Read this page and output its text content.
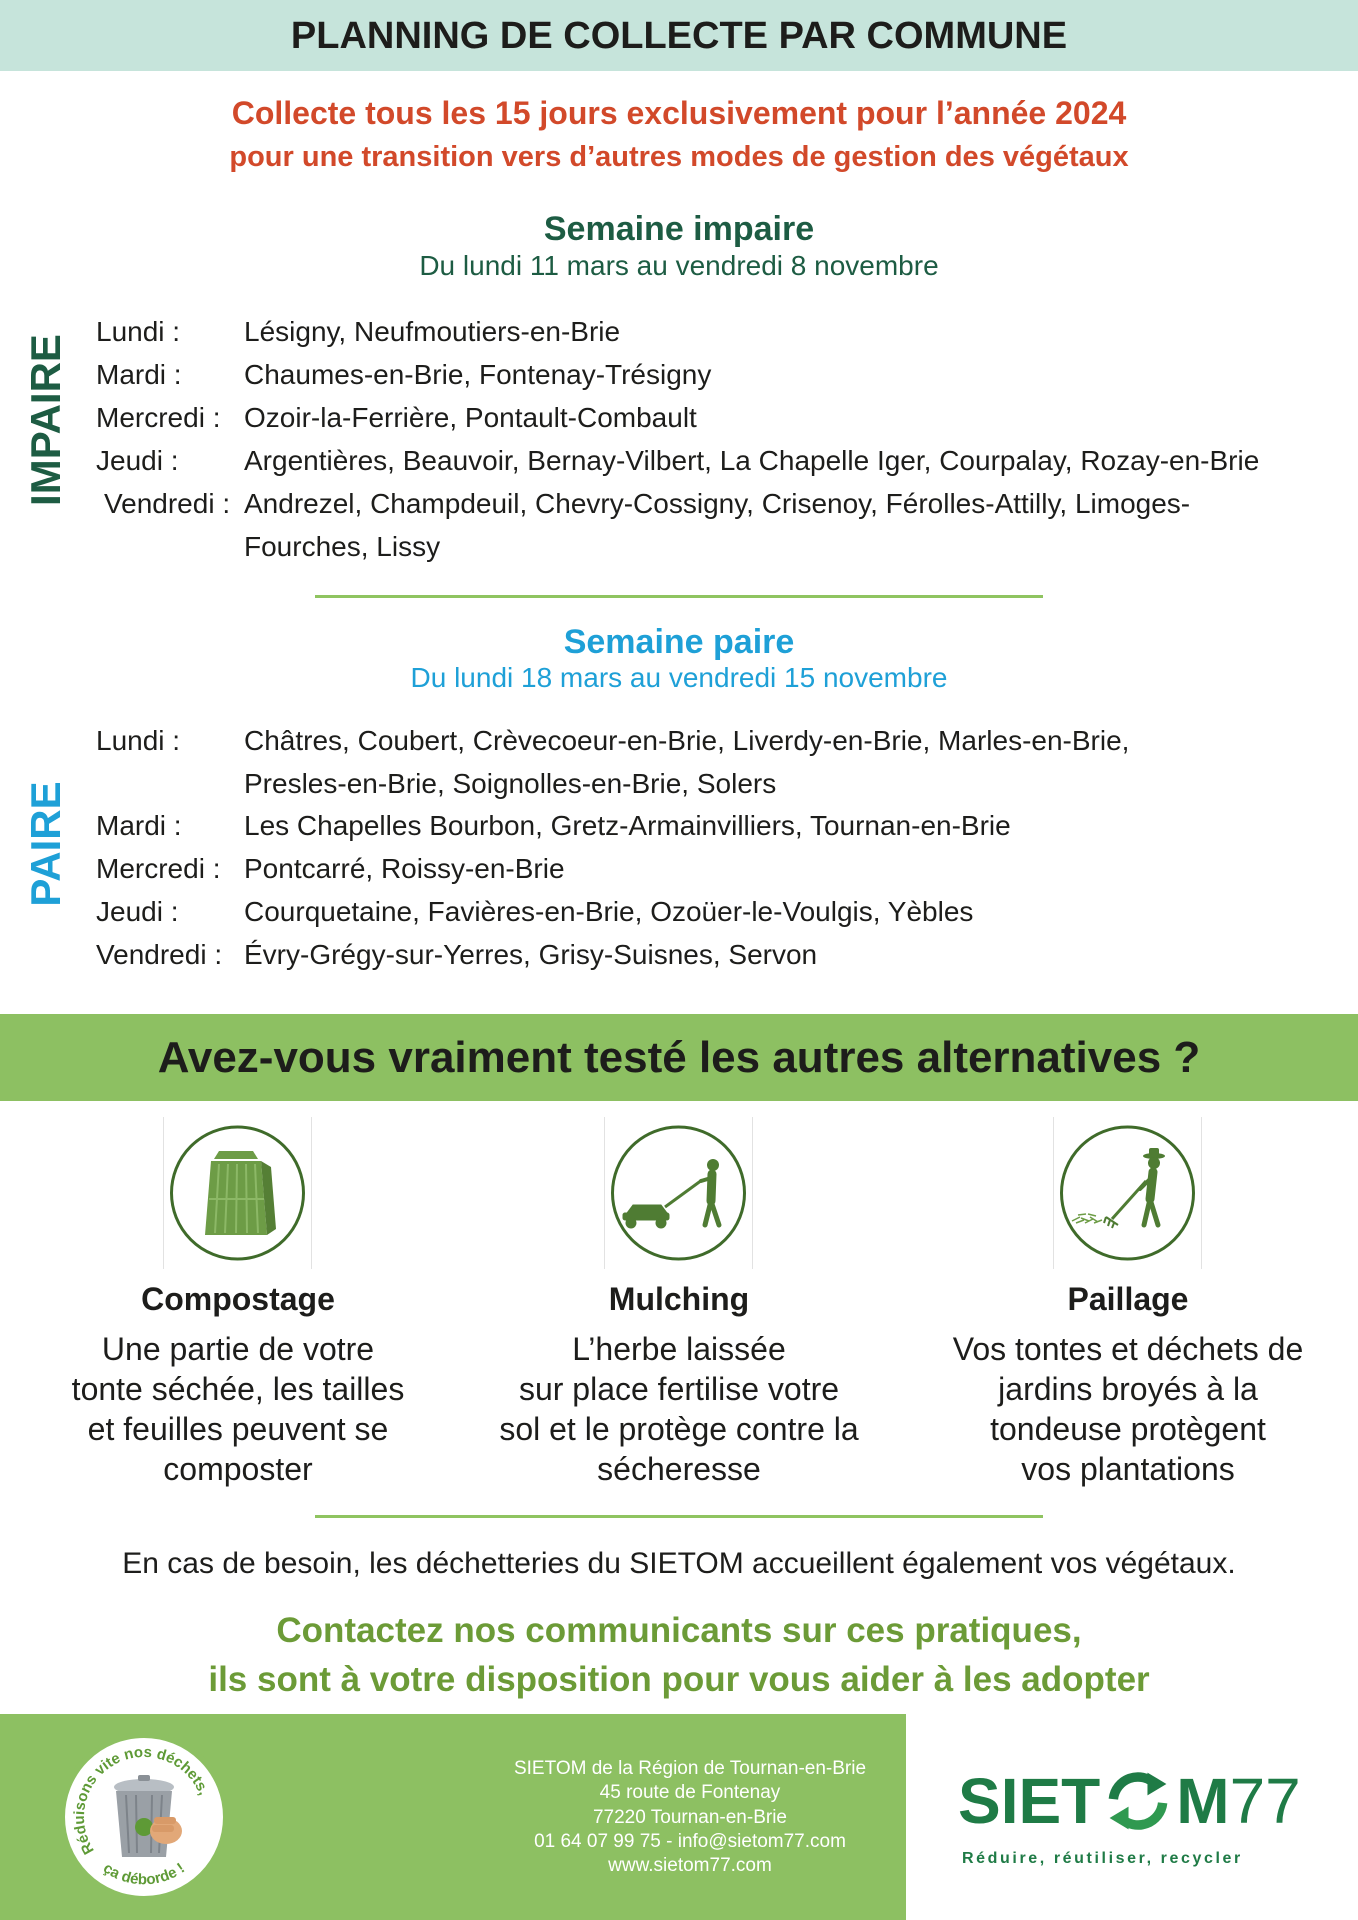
PLANNING DE COLLECTE PAR COMMUNE
Collecte tous les 15 jours exclusivement pour l’année 2024
pour une transition vers d’autres modes de gestion des végétaux
Semaine impaire
Du lundi 11 mars au vendredi 8 novembre
IMPAIRE
Lundi :	Lésigny, Neufmoutiers-en-Brie
Mardi :	Chaumes-en-Brie, Fontenay-Trésigny
Mercredi : Ozoir-la-Ferrière, Pontault-Combault
Jeudi :	Argentières, Beauvoir, Bernay-Vilbert, La Chapelle Iger, Courpalay, Rozay-en-Brie
Vendredi : Andrezel, Champdeuil, Chevry-Cossigny, Crisenoy, Férolles-Attilly, Limoges-
Fourches, Lissy
Semaine paire
Du lundi 18 mars au vendredi 15 novembre
PAIRE
Lundi :	Châtres, Coubert, Crèvecoeur-en-Brie, Liverdy-en-Brie, Marles-en-Brie,
Presles-en-Brie, Soignolles-en-Brie, Solers
Mardi :	Les Chapelles Bourbon, Gretz-Armainvilliers, Tournan-en-Brie
Mercredi : Pontcarré, Roissy-en-Brie
Jeudi :	Courquetaine, Favières-en-Brie, Ozoüer-le-Voulgis, Yèbles
Vendredi : Évry-Grégy-sur-Yerres, Grisy-Suisnes, Servon
Avez-vous vraiment testé les autres alternatives ?
Compostage
Une partie de votre
tonte séchée, les tailles
et feuilles peuvent se
composter
Mulching
L’herbe laissée
sur place fertilise votre
sol et le protège contre la
sécheresse
Paillage
Vos tontes et déchets de
jardins broyés à la
tondeuse protègent
vos plantations
En cas de besoin, les déchetteries du SIETOM accueillent également vos végétaux.
Contactez nos communicants sur ces pratiques,
ils sont à votre disposition pour vous aider à les adopter
Réduisons vite nos déchets,
ça déborde !
SIETOM de la Région de Tournan-en-Brie
45 route de Fontenay
77220 Tournan-en-Brie
01 64 07 99 75 - info@sietom77.com
www.sietom77.com
SIET M 77
Réduire, réutiliser, recycler
